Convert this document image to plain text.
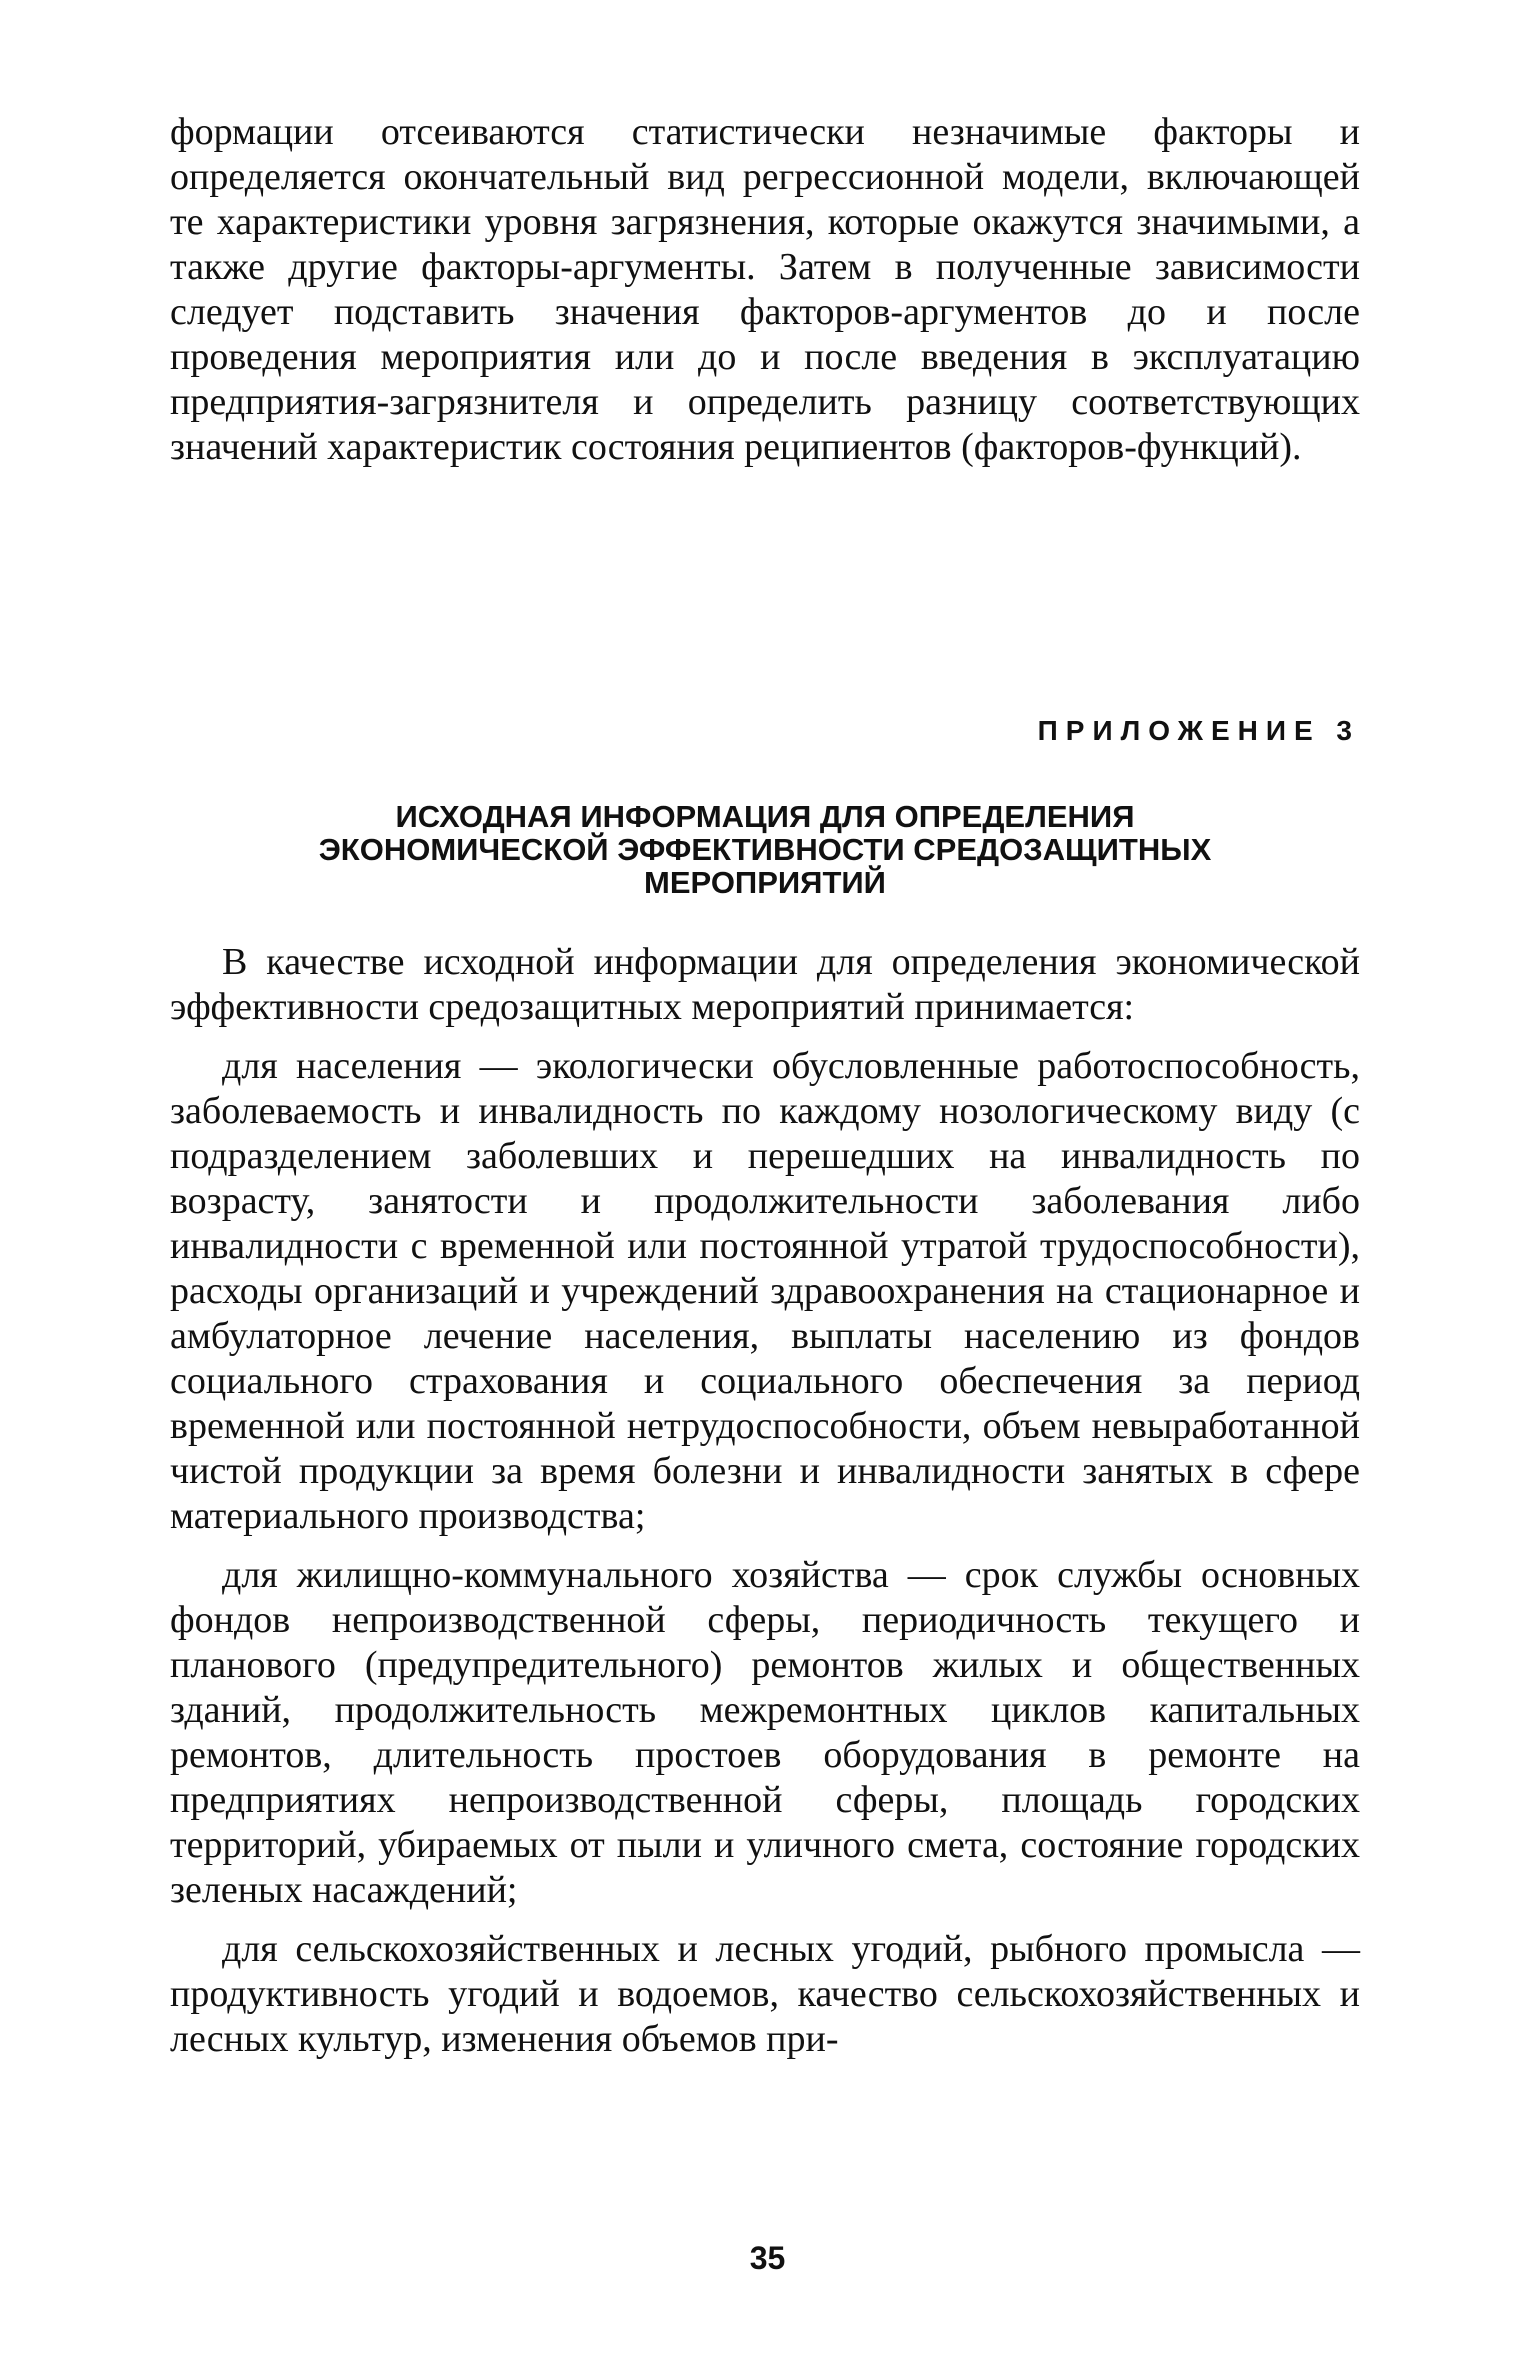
формации отсеиваются статистически незначимые факторы и определяется окончательный вид регрессионной модели, включающей те характеристики уровня загрязнения, которые окажутся значимыми, а также другие факторы-аргументы. Затем в полученные зависимости следует подставить значения факторов-аргументов до и после проведения мероприятия или до и после введения в эксплуатацию предприятия-загрязнителя и определить разницу соответствующих значений характеристик состояния реципиентов (факторов-функций).

ПРИЛОЖЕНИЕ 3

ИСХОДНАЯ ИНФОРМАЦИЯ ДЛЯ ОПРЕДЕЛЕНИЯ
ЭКОНОМИЧЕСКОЙ ЭФФЕКТИВНОСТИ СРЕДОЗАЩИТНЫХ
МЕРОПРИЯТИЙ

В качестве исходной информации для определения экономической эффективности средозащитных мероприятий принимается:

для населения — экологически обусловленные работоспособность, заболеваемость и инвалидность по каждому нозологическому виду (с подразделением заболевших и перешедших на инвалидность по возрасту, занятости и продолжительности заболевания либо инвалидности с временной или постоянной утратой трудоспособности), расходы организаций и учреждений здравоохранения на стационарное и амбулаторное лечение населения, выплаты населению из фондов социального страхования и социального обеспечения за период временной или постоянной нетрудоспособности, объем невыработанной чистой продукции за время болезни и инвалидности занятых в сфере материального производства;

для жилищно-коммунального хозяйства — срок службы основных фондов непроизводственной сферы, периодичность текущего и планового (предупредительного) ремонтов жилых и общественных зданий, продолжительность межремонтных циклов капитальных ремонтов, длительность простоев оборудования в ремонте на предприятиях непроизводственной сферы, площадь городских территорий, убираемых от пыли и уличного смета, состояние городских зеленых насаждений;

для сельскохозяйственных и лесных угодий, рыбного промысла — продуктивность угодий и водоемов, качество сельскохозяйственных и лесных культур, изменения объемов при-

35
